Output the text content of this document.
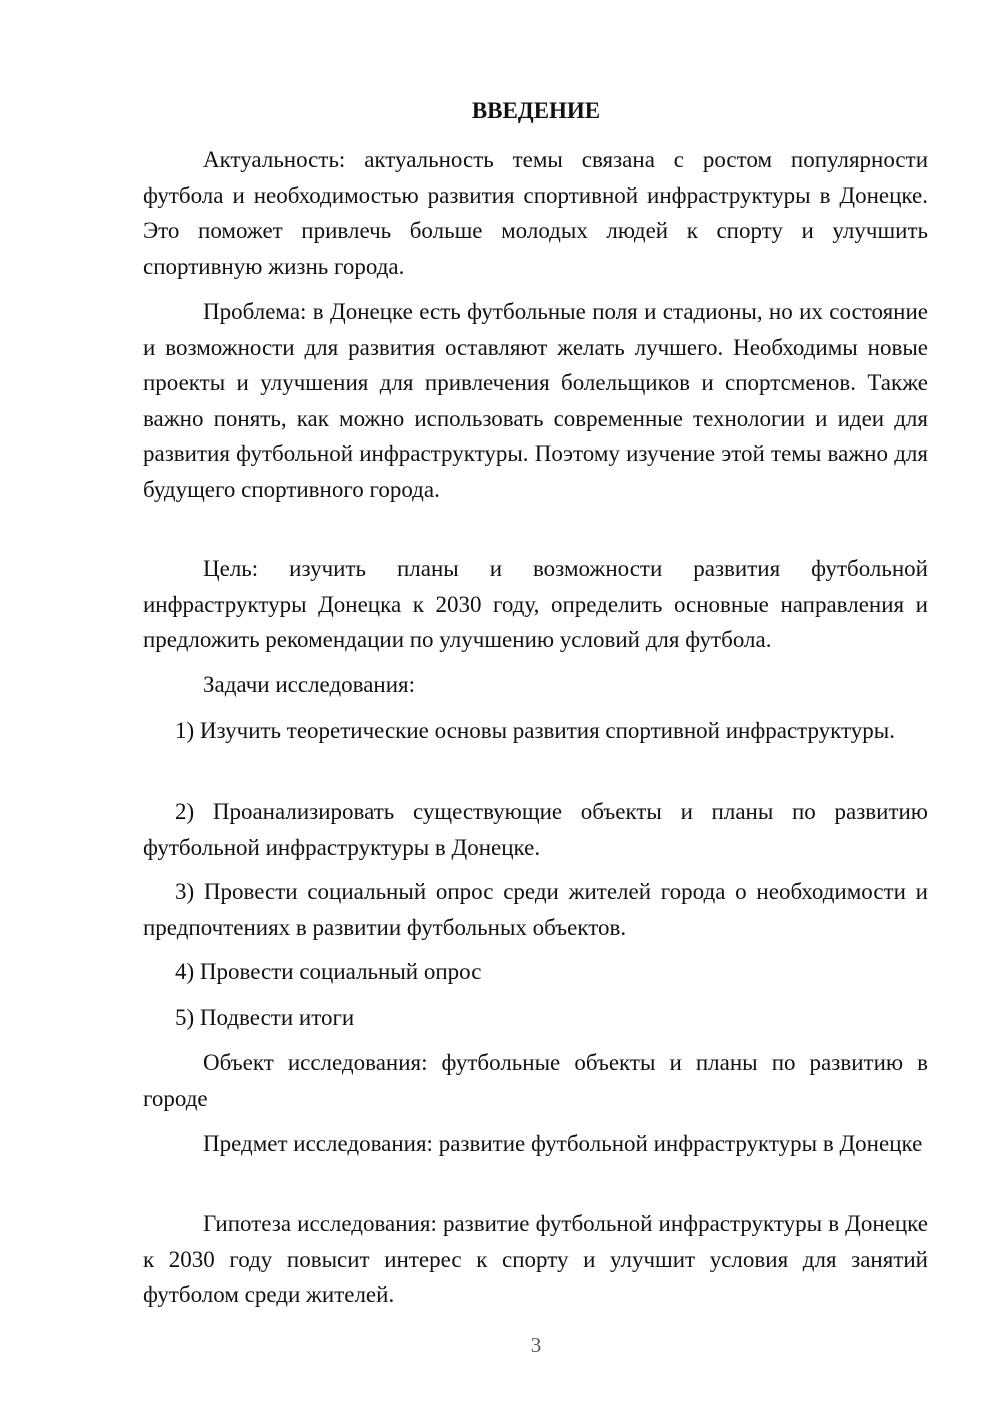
ВВЕДЕНИЕ
Актуальность: актуальность темы связана с ростом популярности футбола и необходимостью развития спортивной инфраструктуры в Донецке. Это поможет привлечь больше молодых людей к спорту и улучшить спортивную жизнь города.
Проблема: в Донецке есть футбольные поля и стадионы, но их состояние и возможности для развития оставляют желать лучшего. Необходимы новые проекты и улучшения для привлечения болельщиков и спортсменов. Также важно понять, как можно использовать современные технологии и идеи для развития футбольной инфраструктуры. Поэтому изучение этой темы важно для будущего спортивного города.
Цель: изучить планы и возможности развития футбольной инфраструктуры Донецка к 2030 году, определить основные направления и предложить рекомендации по улучшению условий для футбола.
Задачи исследования:
1) Изучить теоретические основы развития спортивной инфраструктуры.
2) Проанализировать существующие объекты и планы по развитию футбольной инфраструктуры в Донецке.
3) Провести социальный опрос среди жителей города о необходимости и предпочтениях в развитии футбольных объектов.
4) Провести социальный опрос
5) Подвести итоги
Объект исследования: футбольные объекты и планы по развитию в городе
Предмет исследования: развитие футбольной инфраструктуры в Донецке
Гипотеза исследования: развитие футбольной инфраструктуры в Донецке к 2030 году повысит интерес к спорту и улучшит условия для занятий футболом среди жителей.
3
